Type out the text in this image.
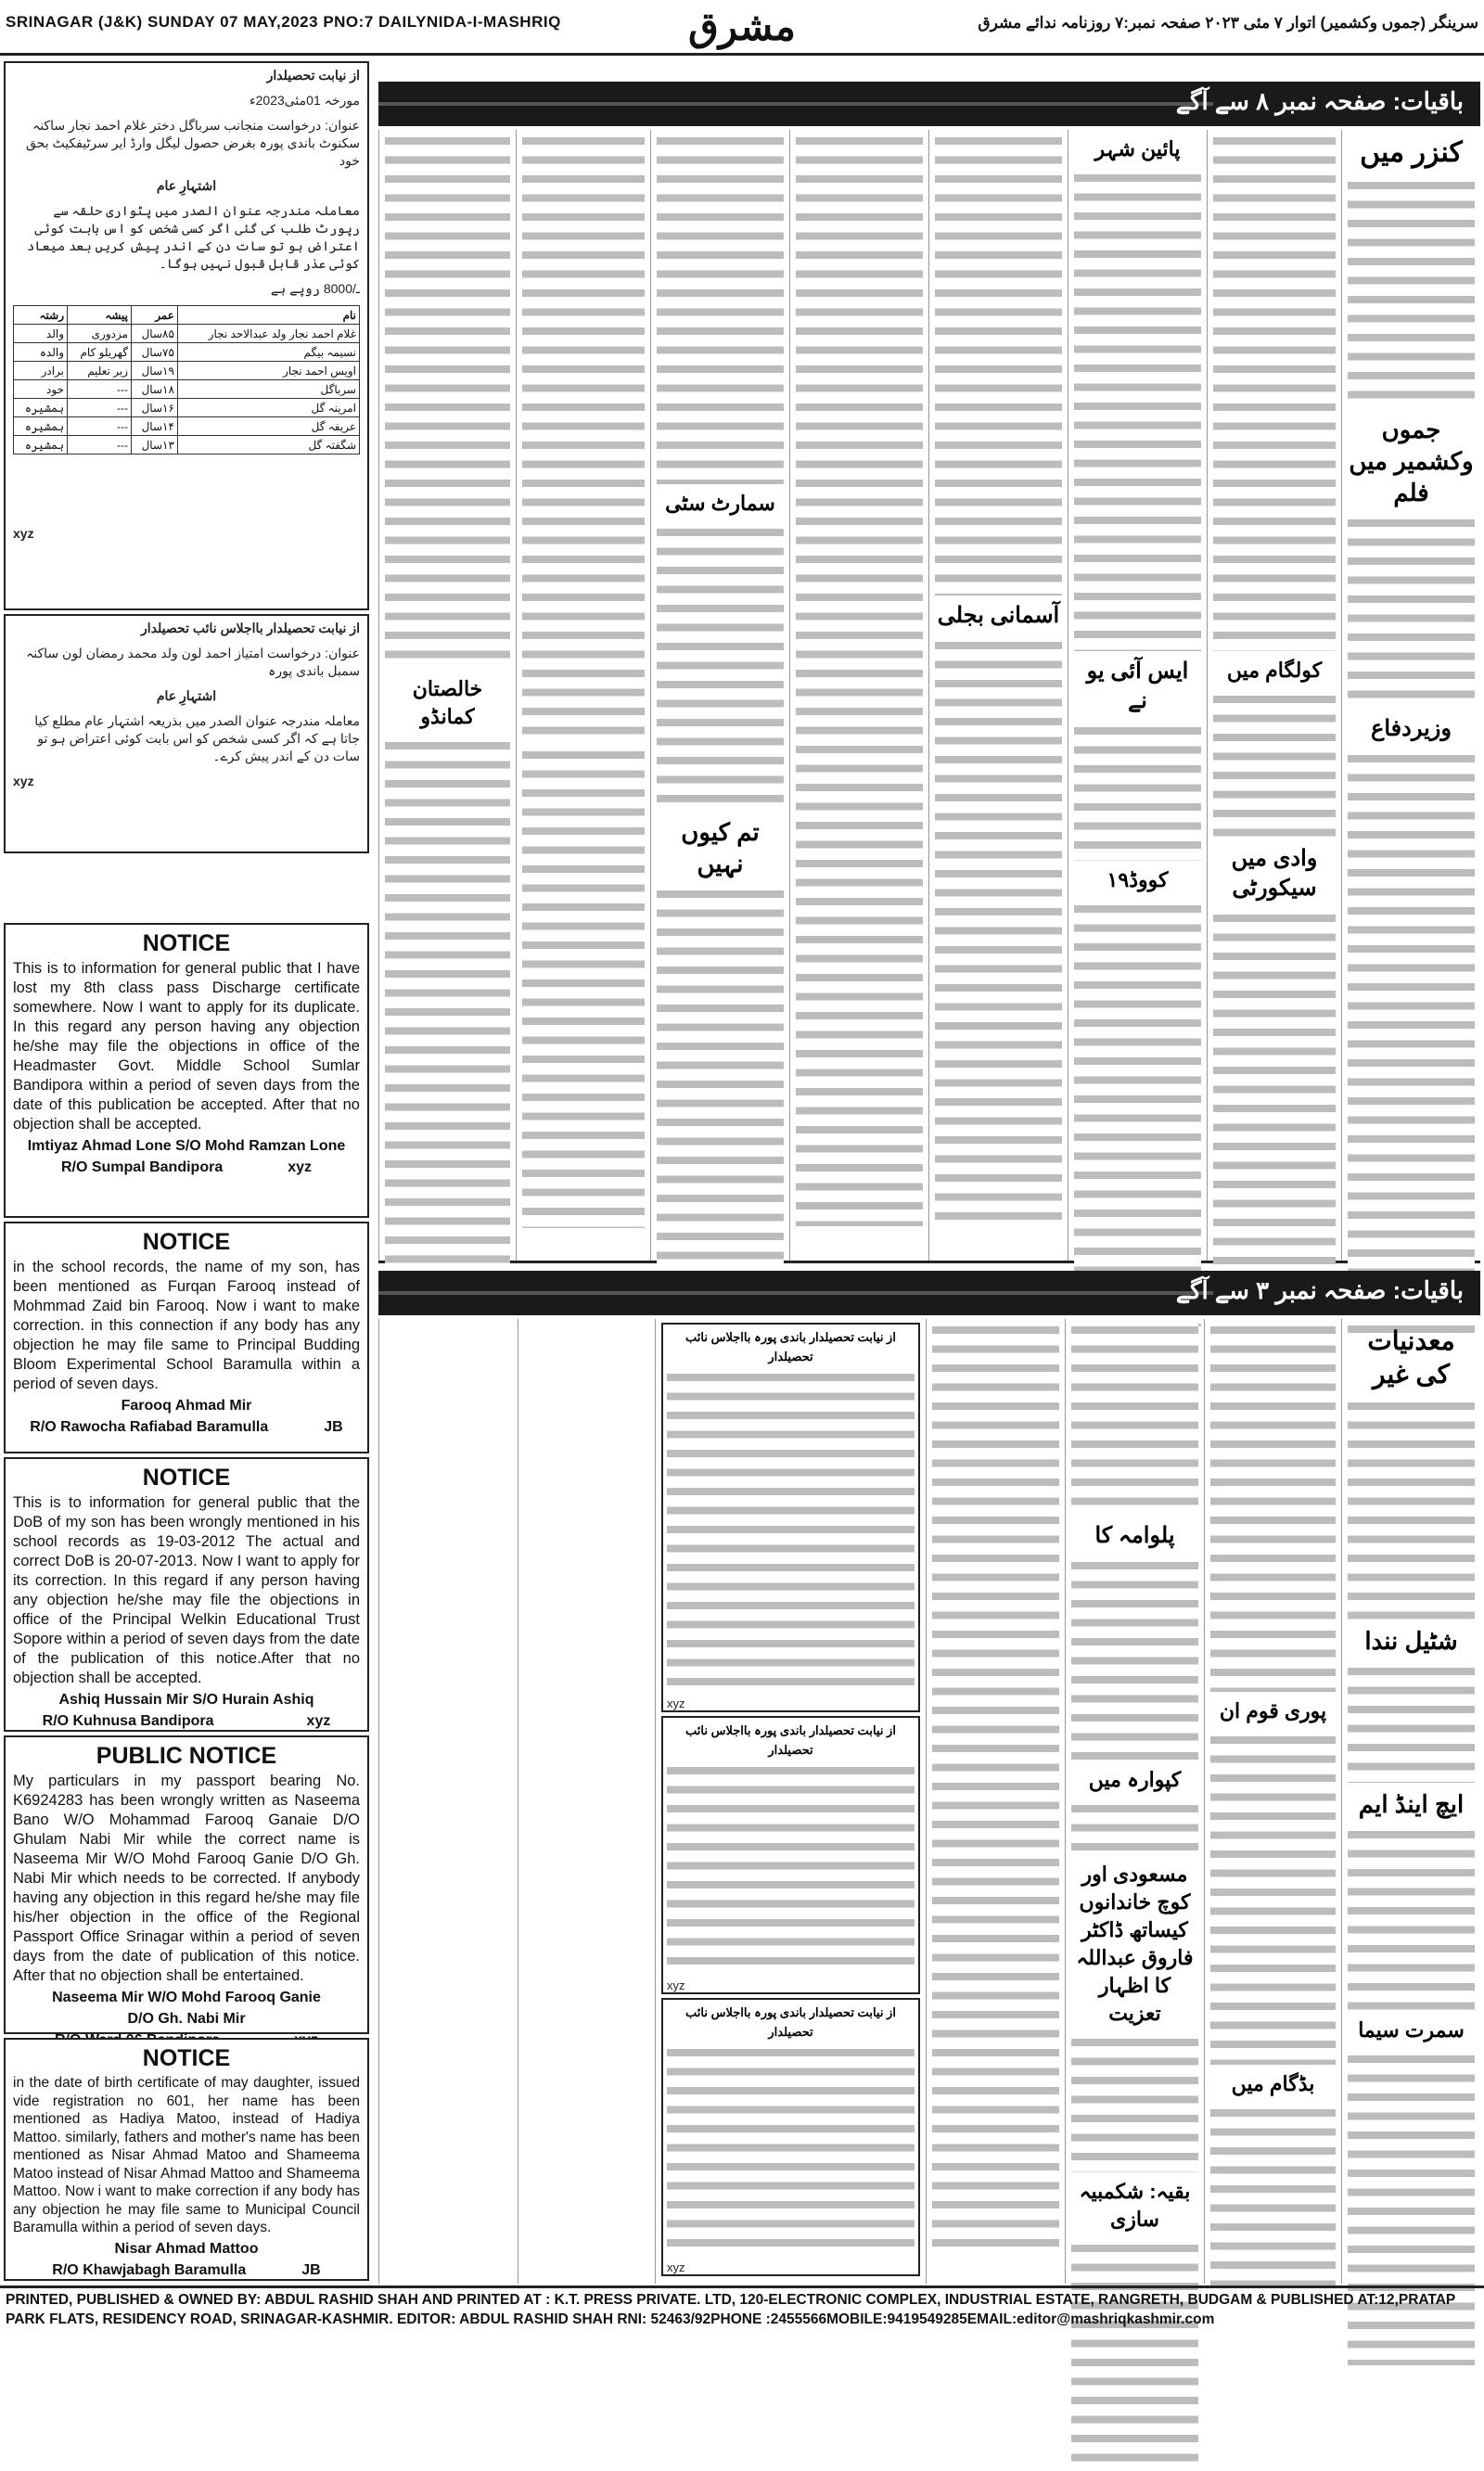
SRINAGAR (J&K) SUNDAY 07 MAY,2023 PNO:7 DAILYNIDA-I-MASHRIQ	مشرق	سرینگر (جموں وکشمیر) اتوار ۷ مئی ۲۰۲۳ صفحہ نمبر:۷ روزنامہ ندائے مشرق
از نیابت تحصیلدار
مورخہ 01مئی2023ء
عنوان: درخواست منجانب سرباگل دختر غلام احمد نجار ساکنہ سکنوٹ باندی پورہ بغرض حصول لیگل وارڈ ایر سرٹیفکیٹ بحق خود
اشتہارِ عام
معاملہ مندرجہ عنوان الصدر میں پٹواری حلقہ سے رپورٹ طلب کی گئی اگر کسی شخص کو اس بابت کوئی اعتراض ہو تو سات دن کے اندر پیش کریں بعد میعاد کوئی عذر قابل قبول نہیں ہوگا۔
ـ/8000 روپے ہے
نام	عمر	پیشہ	رشتہ
غلام احمد نجار ولد عبدالاحد نجار	۸۵سال	مزدوری	والد
نسیمہ بیگم	۷۵سال	گھریلو کام	والدہ
اویس احمد نجار	۱۹سال	زیر تعلیم	برادر
سرباگل	۱۸سال	---	خود
امرینہ گل	۱۶سال	---	ہمشیرہ
عریفہ گل	۱۴سال	---	ہمشیرہ
شگفتہ گل	۱۳سال	---	ہمشیرہ
xyz
از نیابت تحصیلدار بااجلاس نائب تحصیلدار
عنوان: درخواست امتیاز احمد لون ولد محمد رمضان لون ساکنہ سمبل باندی پورہ
اشتہارِ عام
معاملہ مندرجہ عنوان الصدر میں بذریعہ اشتہار عام مطلع کیا جاتا ہے کہ اگر کسی شخص کو اس بابت کوئی اعتراض ہو تو سات دن کے اندر پیش کرے۔
xyz
NOTICE
This is to information for general public that I have lost my 8th class pass Discharge certificate somewhere. Now I want to apply for its duplicate. In this regard any person having any objection he/she may file the objections in office of the Headmaster Govt. Middle School Sumlar Bandipora within a period of seven days from the date of this publication be accepted. After that no objection shall be accepted.
Imtiyaz Ahmad Lone S/O Mohd Ramzan Lone
R/O Sumpal Bandipora	xyz
NOTICE
in the school records, the name of my son, has been mentioned as Furqan Farooq instead of Mohmmad Zaid bin Farooq. Now i want to make correction. in this connection if any body has any objection he may file same to Principal Budding Bloom Experimental School Baramulla within a period of seven days.
Farooq Ahmad Mir
R/O Rawocha Rafiabad Baramulla	JB
NOTICE
This is to information for general public that the DoB of my son has been wrongly mentioned in his school records as 19-03-2012 The actual and correct DoB is 20-07-2013. Now I want to apply for its correction. In this regard if any person having any objection he/she may file the objections in office of the Principal Welkin Educational Trust Sopore within a period of seven days from the date of the publication of this notice.After that no objection shall be accepted.
Ashiq Hussain Mir S/O Hurain Ashiq
R/O Kuhnusa Bandipora	xyz
PUBLIC NOTICE
My particulars in my passport bearing No. K6924283 has been wrongly written as Naseema Bano W/O Mohammad Farooq Ganaie D/O Ghulam Nabi Mir while the correct name is Naseema Mir W/O Mohd Farooq Ganie D/O Gh. Nabi Mir which needs to be corrected. If anybody having any objection in this regard he/she may file his/her objection in the office of the Regional Passport Office Srinagar within a period of seven days from the date of publication of this notice. After that no objection shall be entertained.
Naseema Mir W/O Mohd Farooq Ganie
D/O Gh. Nabi Mir
NOTICE
in the date of birth certificate of may daughter, issued vide registration no 601, her name has been mentioned as Hadiya Matoo, instead of Hadiya Mattoo. similarly, fathers and mother's name has been mentioned as Nisar Ahmad Matoo and Shameema Matoo instead of Nisar Ahmad Mattoo and Shameema Mattoo. Now i want to make correction if any body has any objection he may file same to Municipal Council Baramulla within a period of seven days.
Nisar Ahmad Mattoo
R/O Khawjabagh Baramulla	JB
باقیات: صفحہ نمبر ۸ سے آگے
کنزر میں
جموں وکشمیر میں فلم
وزیردفاع
کولگام میں
وادی میں سیکورٹی
پائین شہر
ایس آئی یو نے
کووڈ۱۹
آسمانی بجلی
سمارٹ سٹی
تم کیوں نہیں
خالصتان کمانڈو
باقیات: صفحہ نمبر ۳ سے آگے
معدنیات کی غیر
شٹیل نندا
ایچ اینڈ ایم
سمرت سیما
پوری قوم ان
بڈگام میں
پلوامہ کا
کپوارہ میں
مسعودی اور کوچ خاندانوں کیساتھ ڈاکٹر فاروق عبداللہ کا اظہار تعزیت
بقیہ: شکمبیہ سازی
از نیابت تحصیلدار باندی پورہ بااجلاس نائب تحصیلدار
xyz
از نیابت تحصیلدار باندی پورہ بااجلاس نائب تحصیلدار
xyz
از نیابت تحصیلدار باندی پورہ بااجلاس نائب تحصیلدار
xyz
PRINTED, PUBLISHED & OWNED BY: ABDUL RASHID SHAH AND PRINTED AT : K.T. PRESS PRIVATE. LTD, 120-ELECTRONIC COMPLEX, INDUSTRIAL ESTATE, RANGRETH, BUDGAM & PUBLISHED AT:12,PRATAP
PARK FLATS, RESIDENCY ROAD, SRINAGAR-KASHMIR. EDITOR: ABDUL RASHID SHAH RNI: 52463/92PHONE :2455566MOBILE:9419549285EMAIL:editor@mashriqkashmir.com
